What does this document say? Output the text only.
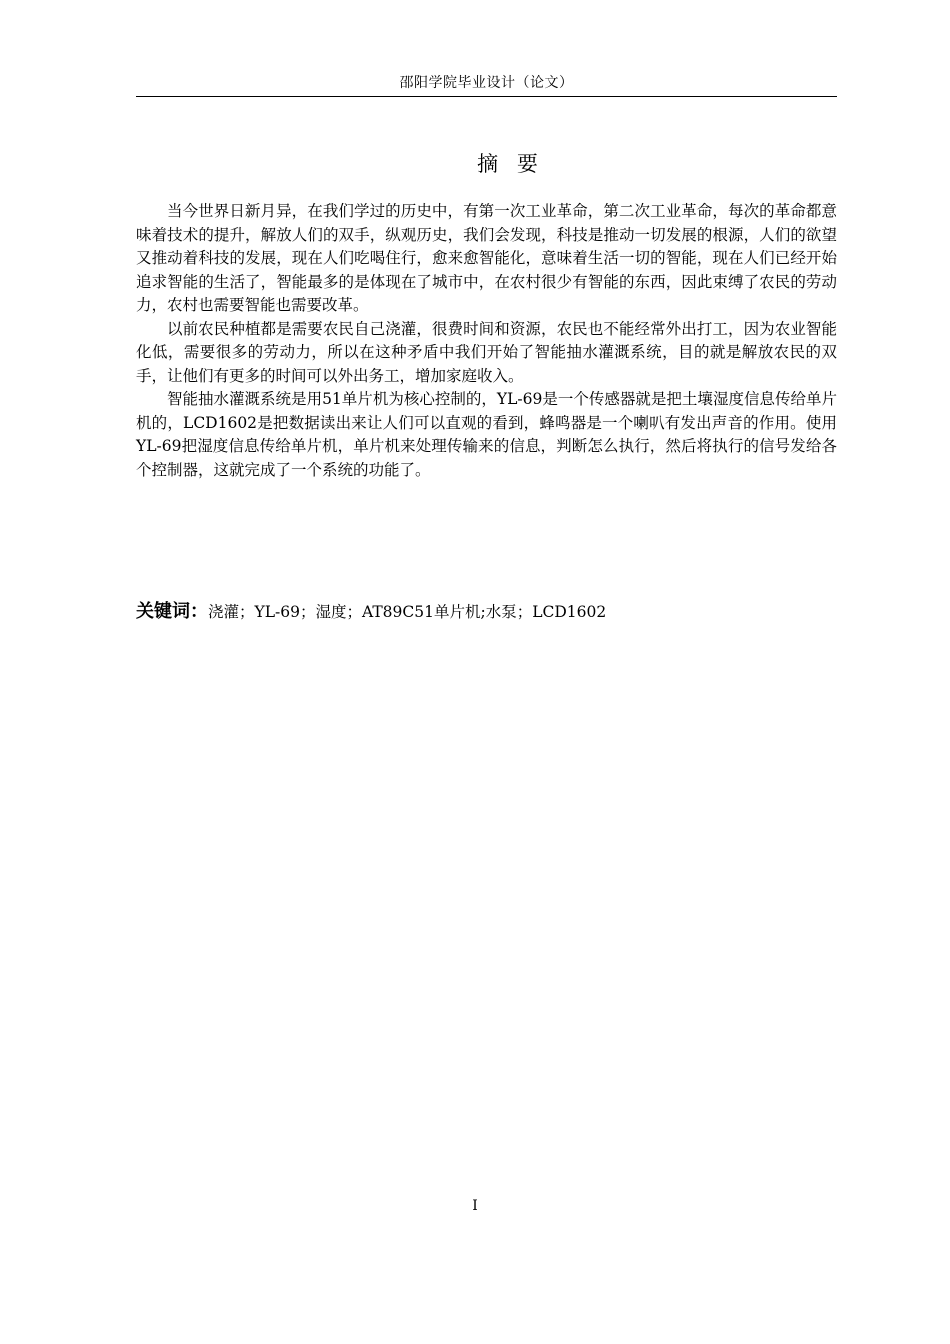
邵阳学院毕业设计（论文）
摘 要

当今世界日新月异，在我们学过的历史中，有第一次工业革命，第二次工业革命，每次的革命都意味着技术的提升，解放人们的双手，纵观历史，我们会发现，科技是推动一切发展的根源，人们的欲望又推动着科技的发展，现在人们吃喝住行，愈来愈智能化，意味着生活一切的智能，现在人们已经开始追求智能的生活了，智能最多的是体现在了城市中，在农村很少有智能的东西，因此束缚了农民的劳动力，农村也需要智能也需要改革。

以前农民种植都是需要农民自己浇灌，很费时间和资源，农民也不能经常外出打工，因为农业智能化低，需要很多的劳动力，所以在这种矛盾中我们开始了智能抽水灌溉系统，目的就是解放农民的双手，让他们有更多的时间可以外出务工，增加家庭收入。

智能抽水灌溉系统是用51单片机为核心控制的，YL-69是一个传感器就是把土壤湿度信息传给单片机的，LCD1602是把数据读出来让人们可以直观的看到，蜂鸣器是一个喇叭有发出声音的作用。使用YL-69把湿度信息传给单片机，单片机来处理传输来的信息，判断怎么执行，然后将执行的信号发给各个控制器，这就完成了一个系统的功能了。

关键词：浇灌；YL-69；湿度；AT89C51单片机;水泵；LCD1602
I
